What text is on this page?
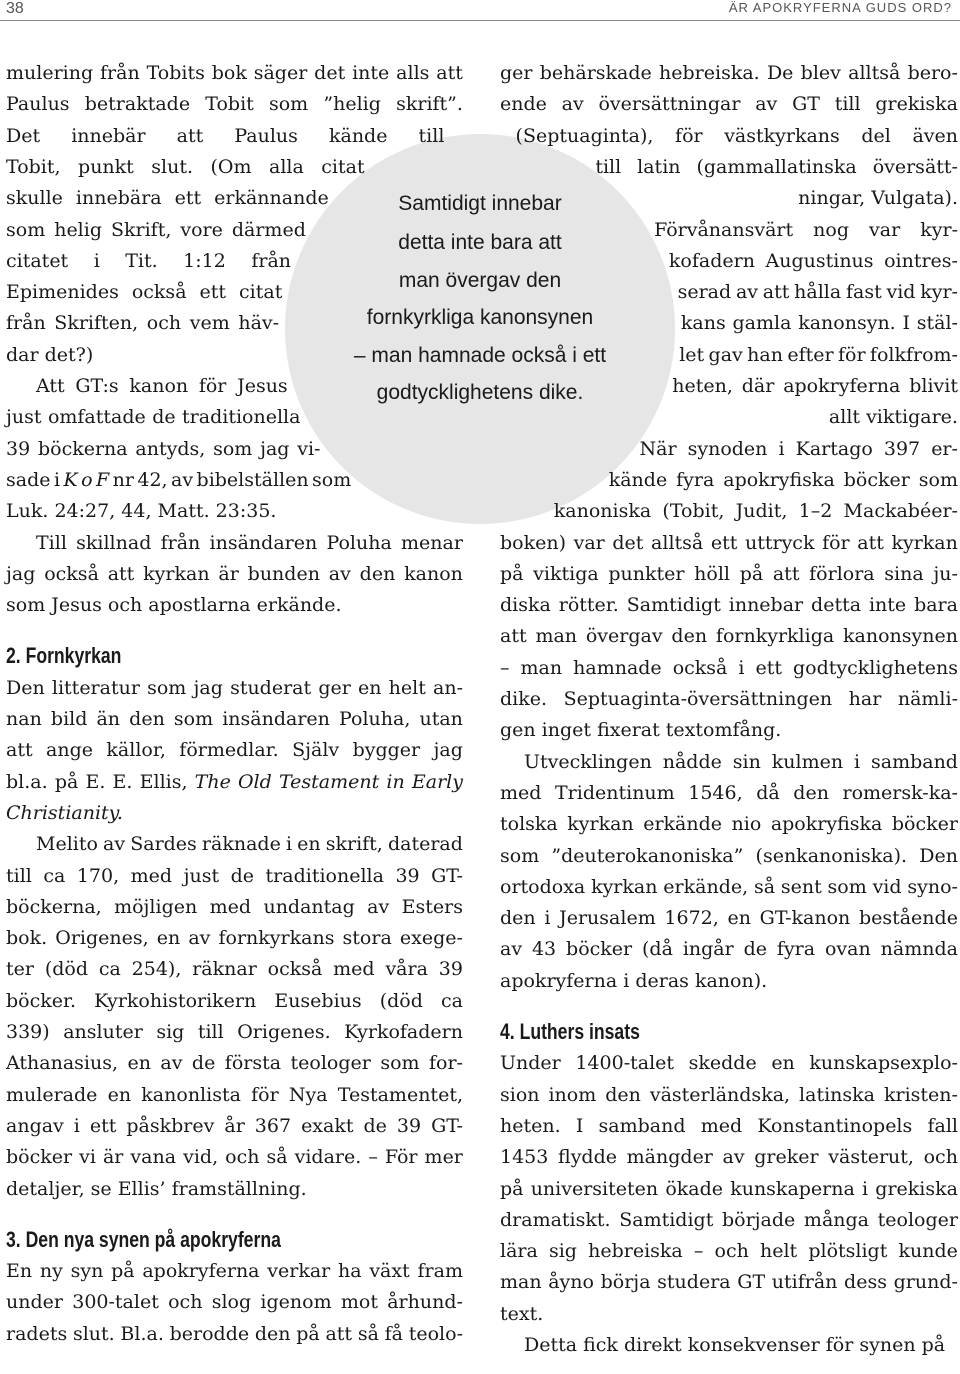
38	ÄR APOKRYFERNA GUDS ORD?
Samtidigt innebar
detta inte bara att
man övergav den
fornkyrkliga kanonsynen
– man hamnade också i ett
godtycklighetens dike.
mulering från Tobits bok säger det inte alls att
Paulus betraktade Tobit som ”helig skrift”.
Det innebär att Paulus kände till
Tobit, punkt slut. (Om alla citat
skulle innebära ett erkännande
som helig Skrift, vore därmed
citatet i Tit. 1:12 från
Epimenides också ett citat
från Skriften, och vem häv-
dar det?)
Att GT:s kanon för Jesus
just omfattade de traditionella
39 böckerna antyds, som jag vi-
sade i K o F nr 42, av bibelställen som
Luk. 24:27, 44, Matt. 23:35.
Till skillnad från insändaren Poluha menar
jag också att kyrkan är bunden av den kanon
som Jesus och apostlarna erkände.
2. Fornkyrkan
Den litteratur som jag studerat ger en helt an-
nan bild än den som insändaren Poluha, utan
att ange källor, förmedlar. Själv bygger jag
bl.a. på E. E. Ellis, The Old Testament in Early
Christianity.
Melito av Sardes räknade i en skrift, daterad
till ca 170, med just de traditionella 39 GT-
böckerna, möjligen med undantag av Esters
bok. Origenes, en av fornkyrkans stora exege-
ter (död ca 254), räknar också med våra 39
böcker. Kyrkohistorikern Eusebius (död ca
339) ansluter sig till Origenes. Kyrkofadern
Athanasius, en av de första teologer som for-
mulerade en kanonlista för Nya Testamentet,
angav i ett påskbrev år 367 exakt de 39 GT-
böcker vi är vana vid, och så vidare. – För mer
detaljer, se Ellis’ framställning.
3. Den nya synen på apokryferna
En ny syn på apokryferna verkar ha växt fram
under 300-talet och slog igenom mot århund-
radets slut. Bl.a. berodde den på att så få teolo-
ger behärskade hebreiska. De blev alltså bero-
ende av översättningar av GT till grekiska
(Septuaginta), för västkyrkans del även
till latin (gammallatinska översätt-
ningar, Vulgata).
Förvånansvärt nog var kyr-
kofadern Augustinus ointres-
serad av att hålla fast vid kyr-
kans gamla kanonsyn. I stäl-
let gav han efter för folkfrom-
heten, där apokryferna blivit
allt viktigare.
När synoden i Kartago 397 er-
kände fyra apokryfiska böcker som
kanoniska (Tobit, Judit, 1–2 Mackabéer-
boken) var det alltså ett uttryck för att kyrkan
på viktiga punkter höll på att förlora sina ju-
diska rötter. Samtidigt innebar detta inte bara
att man övergav den fornkyrkliga kanonsynen
– man hamnade också i ett godtycklighetens
dike. Septuaginta-översättningen har nämli-
gen inget fixerat textomfång.
Utvecklingen nådde sin kulmen i samband
med Tridentinum 1546, då den romersk-ka-
tolska kyrkan erkände nio apokryfiska böcker
som ”deuterokanoniska” (senkanoniska). Den
ortodoxa kyrkan erkände, så sent som vid syno-
den i Jerusalem 1672, en GT-kanon bestående
av 43 böcker (då ingår de fyra ovan nämnda
apokryferna i deras kanon).
4. Luthers insats
Under 1400-talet skedde en kunskapsexplo-
sion inom den västerländska, latinska kristen-
heten. I samband med Konstantinopels fall
1453 flydde mängder av greker västerut, och
på universiteten ökade kunskaperna i grekiska
dramatiskt. Samtidigt började många teologer
lära sig hebreiska – och helt plötsligt kunde
man åyno börja studera GT utifrån dess grund-
text.
Detta fick direkt konsekvenser för synen på
